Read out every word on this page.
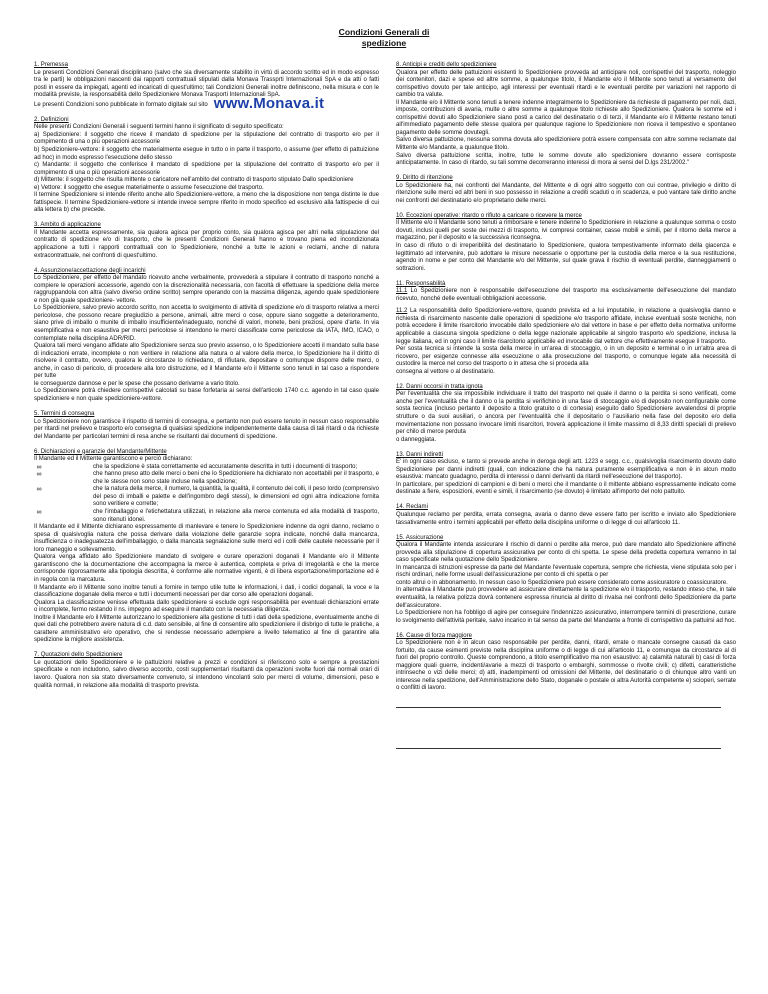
Condizioni Generali di
spedizione
1. Premessa
Le presenti Condizioni Generali disciplinano (salvo che sia diversamente stabilito in virtù di accordo scritto ed in modo espresso tra le parti) le obbligazioni nascenti dai rapporti contrattuali stipulati dalla Monava Trassprti Internazionali SpA e da atti o fatti posti in essere da impiegati, agenti ed incaricati di quest'ultimo; tali Condizioni Generali inoltre definiscono, nella misura e con le modalità previste, la responsabilità dello Spedizioniere Monava Trasporti Internazionali SpA.
Le presenti Condizioni sono pubblicate in formato digitale sul sito www.Monava.it
2. Definizioni
Nelle presenti Condizioni Generali i seguenti termini hanno il significato di seguito specificato:
a) Spedizioniere: il soggetto che riceve il mandato di spedizione per la stipulazione del contratto di trasporto e/o per il compimento di una o più operazioni accessorie
b) Spedizioniere-vettore: il soggetto che materialmente esegue in tutto o in parte il trasporto, o assume (per effetto di pattuizione ad hoc) in modo espresso l'esecuzione dello stesso
c) Mandante: il soggetto che conferisce il mandato di spedizione per la stipulazione del contratto di trasporto e/o per il compimento di una o più operazioni accessorie
d) Mittente: il soggetto che risulta mittente o caricatore nell'ambito del contratto di trasporto stipulato Dallo spedizioniere
e) Vettore: il soggetto che esegue materialmente o assume l'esecuzione del trasporto.
Il termine Spedizioniere si intende riferito anche allo Spedizioniere-vettore, a meno che la disposizione non tenga distinte le due fattispecie. Il termine Spedizioniere-vettore si intende invece sempre riferito in modo specifico ed esclusivo alla fattispecie di cui alla lettera b) che precede.
3. Ambito di applicazione
Il Mandante accetta espressamente, sia qualora agisca per proprio conto, sia qualora agisca per altri nella stipulazione del contratto di spedizione e/o di trasporto, che le presenti Condizioni Generali hanno e trovano piena ed incondizionata applicazione a tutti i rapporti contrattuali con lo Spedizioniere, nonché a tutte le azioni e reclami, anche di natura extracontrattuale, nei confronti di quest'ultimo.
4. Assunzione/accettazione degli incarichi
Lo Spedizioniere, per effetto del mandato ricevuto anche verbalmente, provvederà a stipulare il contratto di trasporto nonché a compiere le operazioni accessorie, agendo con la discrezionalità necessaria, con facoltà di effettuare la spedizione della merce raggruppandola con altra (salvo diverso ordine scritto) sempre operando con la massima diligenza, agendo quale spedizioniere e non già quale spedizioniere- vettore.
Lo Spedizioniere, salvo previo accordo scritto, non accetta lo svolgimento di attività di spedizione e/o di trasporto relativa a merci pericolose, che possono recare pregiudizio a persone, animali, altre merci o cose, oppure siano soggette a deterioramento, siano prive di imballo o munite di imballo insufficiente/inadeguato, nonché di valori, monete, beni preziosi, opere d'arte. In via esemplificativa e non esaustiva per merci pericolose si intendono le merci classificate come pericolose da IATA, IMO, ICAO, o contemplate nella disciplina ADR/RID.
Qualora tali merci vengano affidate allo Spedizioniere senza suo previo assenso, o lo Spedizioniere accetti il mandato sulla base di indicazioni errate, incomplete o non veritiere in relazione alla natura o al valore della merce, lo Spedizioniere ha il diritto di risolvere il contratto, ovvero, qualora le circostanze lo richiedano, di rifiutare, depositare o comunque disporre delle merci, o anche, in caso di pericolo, di procedere alla loro distruzione, ed il Mandante e/o il Mittente sono tenuti in tal caso a rispondere per tutte
le conseguenze dannose e per le spese che possano derivarne a vario titolo.
Lo Spedizioniere potrà chiedere corrispettivi calcolati su base forfetaria ai sensi dell'articolo 1740 c.c. agendo in tal caso quale spedizioniere e non quale spedizioniere-vettore.
5. Termini di consegna
Lo Spedizioniere non garantisce il rispetto di termini di consegna, e pertanto non può essere tenuto in nessun caso responsabile per ritardi nel prelievo e trasporto e/o consegna di qualsiasi spedizione indipendentemente dalla causa di tali ritardi o da richieste del Mandante per particolari termini di resa anche se risultanti dai documenti di spedizione.
6. Dichiarazioni e garanzie del Mandante/Mittente
Il Mandante ed il Mittente garantiscono e perciò dichiarano:
∞	che la spedizione è stata correttamente ed accuratamente descritta in tutti i documenti di trasporto;
∞	che hanno preso atto delle merci o beni che lo Spedizioniere ha dichiarato non accettabili per il trasporto, e che le stesse non sono state incluse nella spedizione;
∞	che la natura della merce, il numero, la quantità, la qualità, il contenuto dei colli, il peso lordo (comprensivo del peso di imballi e palette e dell'ingombro degli stessi), le dimensioni ed ogni altra indicazione fornita sono veritiere e corrette;
∞	che l'imballaggio e l'etichettatura utilizzati, in relazione alla merce contenuta ed alla modalità di trasporto, sono ritenuti idonei.
Il Mandante ed il Mittente dichiarano espressamente di manlevare e tenere lo Spedizioniere indenne da ogni danno, reclamo o spesa di qualsivoglia natura che possa derivare dalla violazione delle garanzie sopra indicate, nonché dalla mancanza, insufficienza o inadeguatezza dell'imballaggio, o dalla mancata segnalazione sulle merci ed i colli delle cautele necessarie per il loro maneggio e sollevamento.
Qualora venga affidato allo Spedizioniere mandato di svolgere e curare operazioni doganali il Mandante e/o il Mittente garantiscono che la documentazione che accompagna la merce è autentica, completa e priva di irregolarità e che la merce corrisponde rigorosamente alla tipologia descritta, è conforme alle normative vigenti, è di libera esportazione/importazione ed è in regola con la marcatura.
Il Mandante e/o il Mittente sono inoltre tenuti a fornire in tempo utile tutte le informazioni, i dati, i codici doganali, la voce e la classificazione doganale della merce e tutti i documenti necessari per dar corso alle operazioni doganali.
Qualora La classificazione venisse effettuata dallo spedizioniere si esclude ogni responsabilità per eventuali dichiarazioni errate o incomplete, fermo restando il ns. impegno ad eseguire il mandato con la necessaria diligenza.
Inoltre il Mandante e/o il Mittente autorizzano lo spedizioniere alla gestione di tutti i dati della spedizione, eventualmente anche di quei dati che potrebbero avere natura di c.d. dato sensibile, al fine di consentire allo spedizioniere il disbrigo di tutte le pratiche, a carattere amministrativo e/o operativo, che si rendesse necessario adempiere a livello telematico al fine di garantire alla spedizione la migliore assistenza.
7. Quotazioni dello Spedizioniere
Le quotazioni dello Spedizioniere e le pattuizioni relative a prezzi e condizioni si riferiscono solo e sempre a prestazioni specificate e non includono, salvo diverso accordo, costi supplementari risultanti da operazioni svolte fuori dai normali orari di lavoro. Qualora non sia stato diversamente convenuto, si intendono vincolanti solo per merci di volume, dimensioni, peso e qualità normali, in relazione alla modalità di trasporto prevista.
8. Anticipi e crediti dello spedizioniere
Qualora per effetto delle pattuizioni esistenti lo Spedizioniere provveda ad anticipare noli, corrispettivi del trasporto, noleggio dei contenitori, dazi e spese ed altre somme, a qualunque titolo, il Mandante e/o il Mittente sono tenuti al versamento del corrispettivo dovuto per tale anticipo, agli interessi per eventuali ritardi e le eventuali perdite per variazioni nel rapporto di cambio tra valute.
Il Mandante e/o il Mittente sono tenuti a tenere indenne integralmente lo Spedizioniere da richieste di pagamento per noli, dazi, imposte, contribuzioni di avaria, multe o altre somme a qualunque titolo richieste allo Spedizioniere. Qualora le somme ed i corrispettivi dovuti allo Spedizioniere siano posti a carico del destinatario o di terzi, il Mandante e/o il Mittente restano tenuti all'immediato pagamento delle stesse qualora per qualunque ragione lo Spedizioniere non riceva il tempestivo e spontaneo pagamento delle somme dovutegli.
Salvo diversa pattuizione, nessuna somma dovuta allo spedizioniere potrà essere compensata con altre somme reclamate dal Mittente e/o Mandante, a qualunque titolo.
Salvo diversa pattuizione scritta, inoltre, tutte le somme dovute allo spedizioniere dovranno essere corrisposte anticipatamente. In caso di ritardo, su tali somme decorreranno interessi di mora ai sensi del D.lgs 231/2002."
9. Diritto di ritenzione
Lo Spedizioniere ha, nei confronti del Mandante, del Mittente e di ogni altro soggetto con cui contrae, privilegio e diritto di ritenzione sulle merci ed altri beni in suo possesso in relazione a crediti scaduti o in scadenza, e può vantare tale diritto anche nei confronti del destinatario e/o proprietario delle merci.
10. Eccezioni operative: ritardo o rifiuto a caricare o ricevere la merce
Il Mittente e/o il Mandante sono tenuti a rimborsare e tenere indenne lo Spedizioniere in relazione a qualunque somma o costo dovuti, inclusi quelli per soste dei mezzi di trasporto, ivi compresi container, casse mobili e simili, per il ritorno della merce a magazzino, per il deposito e la successiva riconsegna.
In caso di rifiuto o di irreperibilità del destinatario lo Spedizioniere, qualora tempestivamente informato della giacenza e legittimato ad intervenire, può adottare le misure necessarie o opportune per la custodia della merce e la sua restituzione, agendo in nome e per conto del Mandante e/o del Mittente, sul quale grava il rischio di eventuali perdite, danneggiamenti o sottrazioni.
11. Responsabilità
11.1 Lo Spedizioniere non è responsabile dell'esecuzione del trasporto ma esclusivamente dell'esecuzione del mandato ricevuto, nonché delle eventuali obbligazioni accessorie.
11.2 La responsabilità dello Spedizioniere-vettore, quando prevista ed a lui imputabile, in relazione a qualsivoglia danno e richiesta di risarcimento nascente dalle operazioni di spedizione e/o trasporto affidate, incluse eventuali soste tecniche, non potrà eccedere il limite risarcitorio invocabile dallo spedizioniere e/o dal vettore in base e per effetto della normativa uniforme applicabile a ciascuna singola spedizione o della legge nazionale applicabile al singolo trasporto e/o spedizione, inclusa la legge italiana, ed in ogni caso il limite risarcitorio applicabile ed invocabile dal vettore che effettivamente esegue il trasporto.
Per sosta tecnica si intende la sosta della merce in un'area di stoccaggio, o in un deposito e terminal o in un'altra area di ricovero, per esigenze connesse alla esecuzione o alla prosecuzione del trasporto, o comunque legate alla necessità di custodire la merce nel corso del trasporto o in attesa che si proceda alla
consegna al vettore o al destinatario.
12. Danni occorsi in tratta ignota
Per l'eventualità che sia impossibile individuare il tratto del trasporto nel quale il danno o la perdita si sono verificati, come anche per l'eventualità che il danno o la perdita si verifichino in una fase di stoccaggio e/o di deposito non configurabile come sosta tecnica (incluso pertanto il deposito a titolo gratuito o di cortesia) eseguito dallo Spedizioniere avvalendosi di proprie strutture o da suoi ausiliari, o ancora per l'eventualità che il depositario o l'ausiliario nella fase del deposito e/o della movimentazione non possano invocare limiti risarcitori, troverà applicazione il limite massimo di 8,33 diritti speciali di prelievo per chilo di merce perduta
o danneggiata.
13. Danni indiretti
E' in ogni caso escluso, e tanto si prevede anche in deroga degli artt. 1223 e segg. c.c., qualsivoglia risarcimento dovuto dallo Spedizioniere per danni indiretti (quali, con indicazione che ha natura puramente esemplificativa e non è in alcun modo esaustiva: mancato guadagno, perdita di interessi o danni derivanti da ritardi nell'esecuzione del trasporto).
In particolare, per spedizioni di campioni e di beni o merci che il mandante o il mittente abbiano espressamente indicato come destinate a fiere, esposizioni, eventi e simili, il risarcimento (se dovuto) è limitato all'importo del nolo pattuito.
14. Reclami
Qualunque reclamo per perdita, errata consegna, avaria o danno deve essere fatto per iscritto e inviato allo Spedizioniere tassativamente entro i termini applicabili per effetto della disciplina uniforme o di legge di cui all'articolo 11.
15. Assicurazione
Qualora il Mandante intenda assicurare il rischio di danni o perdite alla merce, può dare mandato allo Spedizioniere affinché provveda alla stipulazione di copertura assicurativa per conto di chi spetta. Le spese della predetta copertura verranno in tal caso specificate nella quotazione dello Spedizioniere.
In mancanza di istruzioni espresse da parte del Mandante l'eventuale copertura, sempre che richiesta, viene stipulata solo per i rischi ordinari, nelle forme usuali dell'assicurazione per conto di chi spetta o per
conto altrui o in abbonamento. In nessun caso lo Spedizioniere può essere considerato come assicuratore o coassicuratore.
In alternativa il Mandante può provvedere ad assicurare direttamente la spedizione e/o il trasporto, restando inteso che, in tale eventualità, la relativa polizza dovrà contenere espressa rinuncia al diritto di rivalsa nei confronti dello Spedizioniere da parte dell'assicuratore.
Lo Spedizioniere non ha l'obbligo di agire per conseguire l'indennizzo assicurativo, interrompere termini di prescrizione, curare lo svolgimento dell'attività peritale, salvo incarico in tal senso da parte del Mandante a fronte di corrispettivo da pattuirsi ad hoc.
16. Cause di forza maggiore
Lo Spedizioniere non è in alcun caso responsabile per perdite, danni, ritardi, errate o mancate consegne causati da caso fortuito, da cause esimenti previste nella disciplina uniforme o di legge di cui all'articolo 11, e comunque da circostanze al di fuori del proprio controllo. Queste comprendono, a titolo esemplificativo ma non esaustivo: a) calamità naturali b) casi di forza maggiore quali guerre, incidenti/avarie a mezzi di trasporto o embarghi, sommosse o rivolte civili; c) difetti, caratteristiche intrinseche o vizi delle merci; d) atti, inadempimenti od omissioni del Mittente, del destinatario o di chiunque altro vanti un interesse nella spedizione, dell'Amministrazione dello Stato, doganale o postale oi altra Autorità competente e) scioperi, serrate o conflitti di lavoro.
